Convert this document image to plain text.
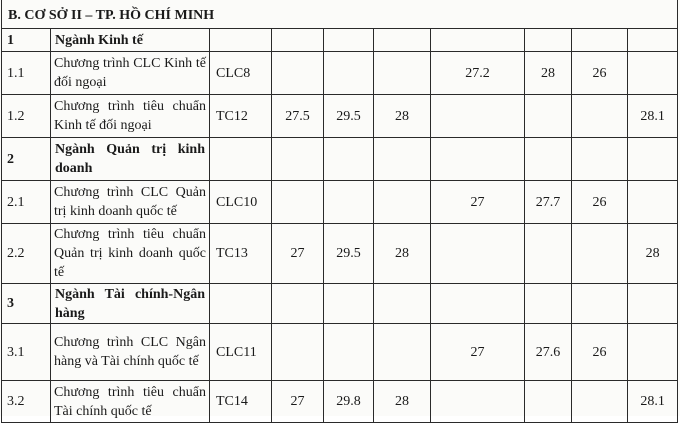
B. CƠ SỞ II – TP. HỒ CHÍ MINH									
1	Ngành Kinh tế								
1.1	Chương trình CLC Kinh tế đối ngoại	CLC8				27.2	28	26	
1.2	Chương trình tiêu chuẩn Kinh tế đối ngoại	TC12	27.5	29.5	28				28.1
2	Ngành Quản trị kinh doanh								
2.1	Chương trình CLC Quản trị kinh doanh quốc tế	CLC10				27	27.7	26	
2.2	Chương trình tiêu chuẩn Quản trị kinh doanh quốc tế	TC13	27	29.5	28				28
3	Ngành Tài chính-Ngân hàng								
3.1	Chương trình CLC Ngân hàng và Tài chính quốc tế	CLC11				27	27.6	26	
3.2	Chương trình tiêu chuẩn Tài chính quốc tế	TC14	27	29.8	28				28.1
